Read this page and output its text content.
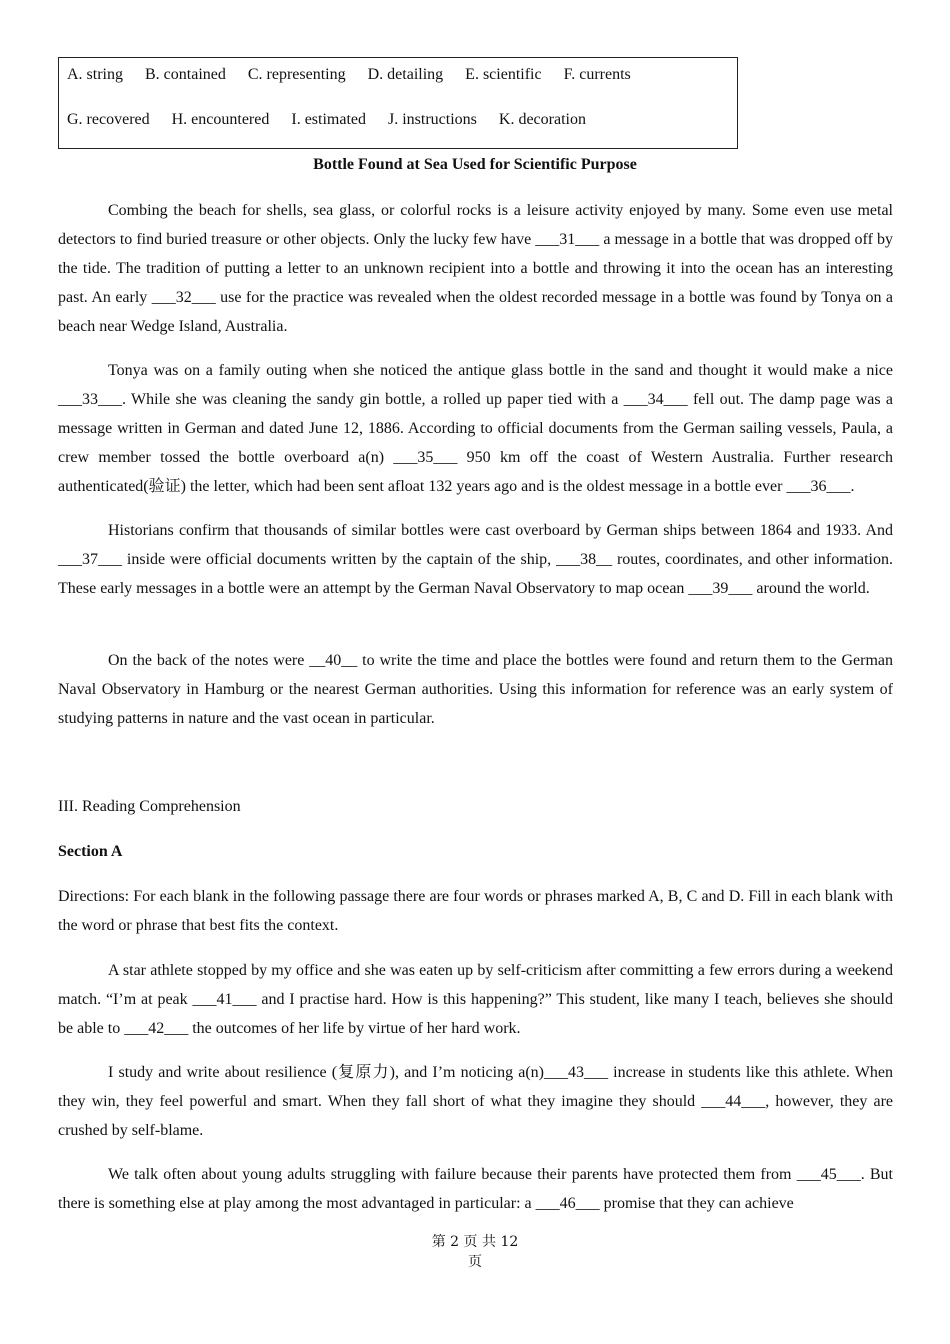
A. string B. contained C. representing D. detailing E. scientific F. currents
G. recovered H. encountered I. estimated J. instructions K. decoration
Bottle Found at Sea Used for Scientific Purpose

Combing the beach for shells, sea glass, or colorful rocks is a leisure activity enjoyed by many. Some even use metal detectors to find buried treasure or other objects. Only the lucky few have ___31___ a message in a bottle that was dropped off by the tide. The tradition of putting a letter to an unknown recipient into a bottle and throwing it into the ocean has an interesting past. An early ___32___ use for the practice was revealed when the oldest recorded message in a bottle was found by Tonya on a beach near Wedge Island, Australia.

Tonya was on a family outing when she noticed the antique glass bottle in the sand and thought it would make a nice ___33___. While she was cleaning the sandy gin bottle, a rolled up paper tied with a ___34___ fell out. The damp page was a message written in German and dated June 12, 1886. According to official documents from the German sailing vessels, Paula, a crew member tossed the bottle overboard a(n) ___35___ 950 km off the coast of Western Australia. Further research authenticated(验证) the letter, which had been sent afloat 132 years ago and is the oldest message in a bottle ever ___36___.

Historians confirm that thousands of similar bottles were cast overboard by German ships between 1864 and 1933. And ___37___ inside were official documents written by the captain of the ship, ___38__ routes, coordinates, and other information. These early messages in a bottle were an attempt by the German Naval Observatory to map ocean ___39___ around the world.

On the back of the notes were __40__ to write the time and place the bottles were found and return them to the German Naval Observatory in Hamburg or the nearest German authorities. Using this information for reference was an early system of studying patterns in nature and the vast ocean in particular.

III. Reading Comprehension

Section A

Directions: For each blank in the following passage there are four words or phrases marked A, B, C and D. Fill in each blank with the word or phrase that best fits the context.

A star athlete stopped by my office and she was eaten up by self-criticism after committing a few errors during a weekend match. “I’m at peak ___41___ and I practise hard. How is this happening?” This student, like many I teach, believes she should be able to ___42___ the outcomes of her life by virtue of her hard work.

I study and write about resilience (复原力), and I’m noticing a(n)___43___ increase in students like this athlete. When they win, they feel powerful and smart. When they fall short of what they imagine they should ___44___, however, they are crushed by self-blame.

We talk often about young adults struggling with failure because their parents have protected them from ___45___. But there is something else at play among the most advantaged in particular: a ___46___ promise that they can achieve

第 2 页 共 12
页
